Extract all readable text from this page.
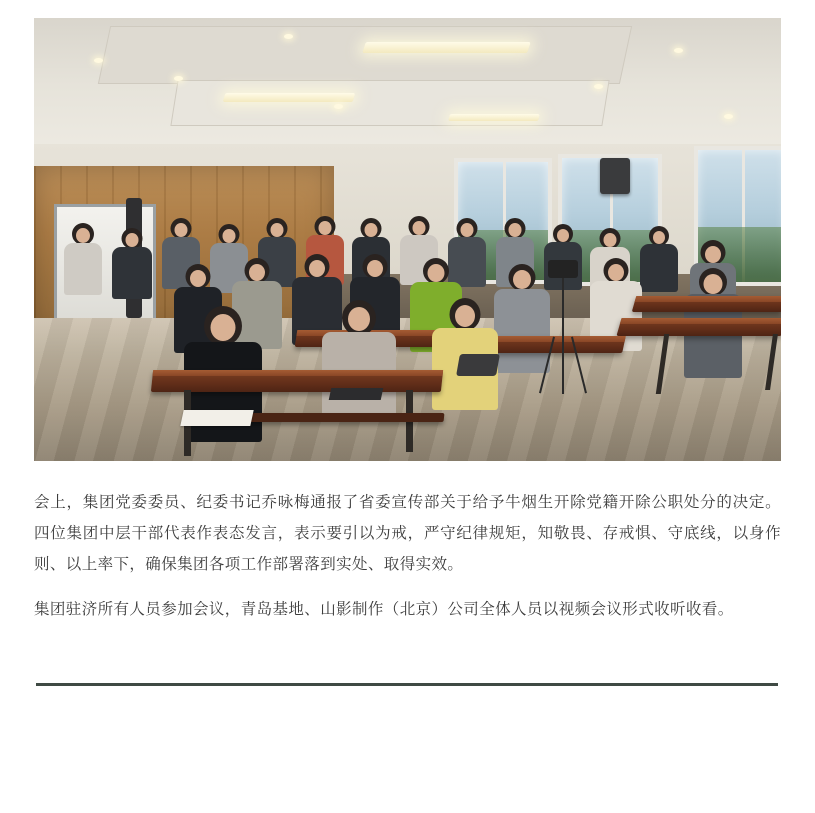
会上，集团党委委员、纪委书记乔咏梅通报了省委宣传部关于给予牛烟生开除党籍开除公职处分的决定。四位集团中层干部代表作表态发言，表示要引以为戒，严守纪律规矩，知敬畏、存戒惧、守底线，以身作则、以上率下，确保集团各项工作部署落到实处、取得实效。

集团驻济所有人员参加会议，青岛基地、山影制作（北京）公司全体人员以视频会议形式收听收看。
